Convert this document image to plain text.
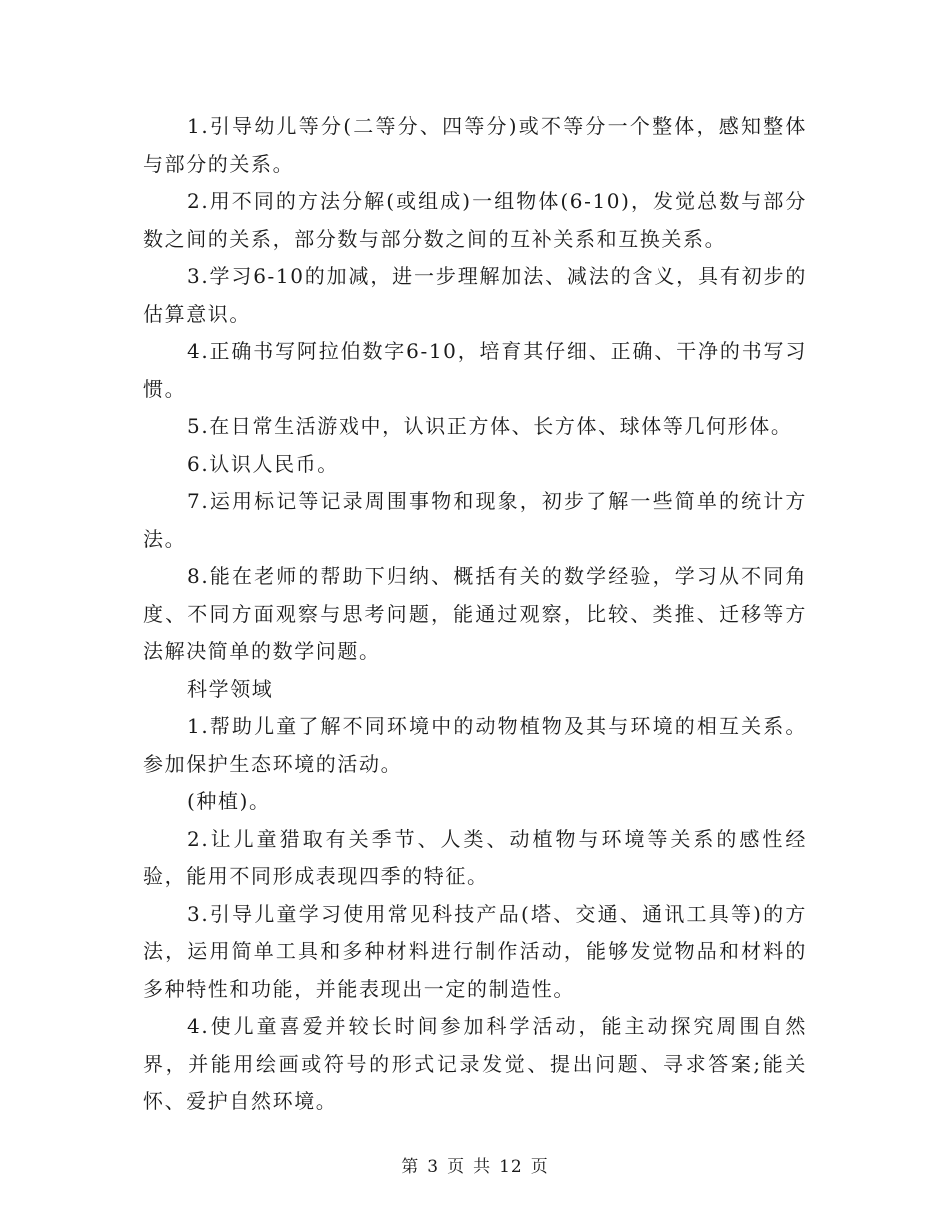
1.引导幼儿等分(二等分、四等分)或不等分一个整体，感知整体与部分的关系。

2.用不同的方法分解(或组成)一组物体(6-10)，发觉总数与部分数之间的关系，部分数与部分数之间的互补关系和互换关系。

3.学习6-10的加减，进一步理解加法、减法的含义，具有初步的估算意识。

4.正确书写阿拉伯数字6-10，培育其仔细、正确、干净的书写习惯。

5.在日常生活游戏中，认识正方体、长方体、球体等几何形体。

6.认识人民币。

7.运用标记等记录周围事物和现象，初步了解一些简单的统计方法。

8.能在老师的帮助下归纳、概括有关的数学经验，学习从不同角度、不同方面观察与思考问题，能通过观察，比较、类推、迁移等方法解决简单的数学问题。

科学领域

1.帮助儿童了解不同环境中的动物植物及其与环境的相互关系。参加保护生态环境的活动。

(种植)。

2.让儿童猎取有关季节、人类、动植物与环境等关系的感性经验，能用不同形成表现四季的特征。

3.引导儿童学习使用常见科技产品(塔、交通、通讯工具等)的方法，运用简单工具和多种材料进行制作活动，能够发觉物品和材料的多种特性和功能，并能表现出一定的制造性。

4.使儿童喜爱并较长时间参加科学活动，能主动探究周围自然界，并能用绘画或符号的形式记录发觉、提出问题、寻求答案;能关怀、爱护自然环境。

第 3 页 共 12 页
